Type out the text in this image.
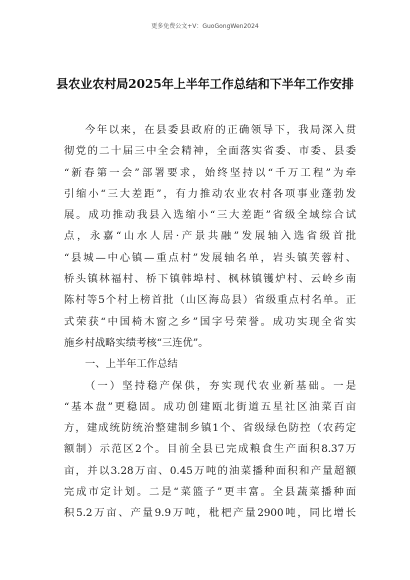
更多免费公文+V：GuoGongWen2024
县农业农村局2025年上半年工作总结和下半年工作安排
今年以来，在县委县政府的正确领导下，我局深入贯
彻党的二十届三中全会精神，全面落实省委、市委、县委
“新春第一会”部署要求，始终坚持以“千万工程”为牵
引缩小“三大差距”，有力推动农业农村各项事业蓬勃发
展。成功推动我县入选缩小“三大差距”省级全域综合试
点，永嘉“山水人居·产景共融”发展轴入选省级首批
“县城—中心镇—重点村”发展轴名单，岩头镇芙蓉村、
桥头镇林福村、桥下镇韩埠村、枫林镇镬炉村、云岭乡南
陈村等5个村上榜首批（山区海岛县）省级重点村名单。正
式荣获“中国椅木窗之乡”国字号荣誉。成功实现全省实
施乡村战略实绩考核“三连优”。
一、上半年工作总结
（一）坚持稳产保供，夯实现代农业新基础。一是
“基本盘”更稳固。成功创建瓯北街道五星社区油菜百亩
方，建成统防统治整建制乡镇1个、省级绿色防控（农药定
额制）示范区2个。目前全县已完成粮食生产面积8.37万
亩，并以3.28万亩、0.45万吨的油菜播种面积和产量超额
完成市定计划。二是“菜篮子”更丰富。全县蔬菜播种面
积5.2万亩、产量9.9万吨，枇杷产量2900吨，同比增长
